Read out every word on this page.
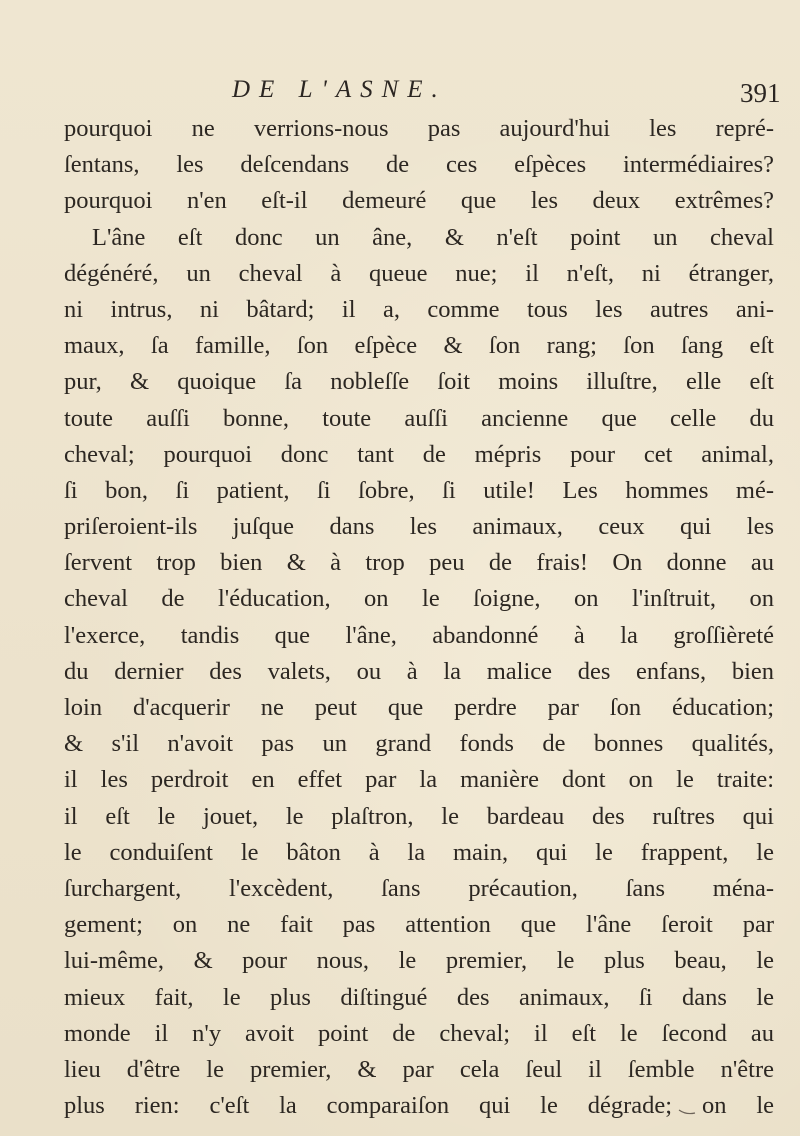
DE L'ASNE.	391
pourquoi ne verrions-nous pas aujourd'hui les repré-
ſentans, les deſcendans de ces eſpèces intermédiaires?
pourquoi n'en eſt-il demeuré que les deux extrêmes?
L'âne eſt donc un âne, & n'eſt point un cheval
dégénéré, un cheval à queue nue; il n'eſt, ni étranger,
ni intrus, ni bâtard; il a, comme tous les autres ani-
maux, ſa famille, ſon eſpèce & ſon rang; ſon ſang eſt
pur, & quoique ſa nobleſſe ſoit moins illuſtre, elle eſt
toute auſſi bonne, toute auſſi ancienne que celle du
cheval; pourquoi donc tant de mépris pour cet animal,
ſi bon, ſi patient, ſi ſobre, ſi utile! Les hommes mé-
priſeroient-ils juſque dans les animaux, ceux qui les
ſervent trop bien & à trop peu de frais! On donne au
cheval de l'éducation, on le ſoigne, on l'inſtruit, on
l'exerce, tandis que l'âne, abandonné à la groſſièreté
du dernier des valets, ou à la malice des enfans, bien
loin d'acquerir ne peut que perdre par ſon éducation;
& s'il n'avoit pas un grand fonds de bonnes qualités,
il les perdroit en effet par la manière dont on le traite:
il eſt le jouet, le plaſtron, le bardeau des ruſtres qui
le conduiſent le bâton à la main, qui le frappent, le
ſurchargent, l'excèdent, ſans précaution, ſans ména-
gement; on ne fait pas attention que l'âne ſeroit par
lui-même, & pour nous, le premier, le plus beau, le
mieux fait, le plus diſtingué des animaux, ſi dans le
monde il n'y avoit point de cheval; il eſt le ſecond au
lieu d'être le premier, & par cela ſeul il ſemble n'être
plus rien: c'eſt la comparaiſon qui le dégrade; on le
